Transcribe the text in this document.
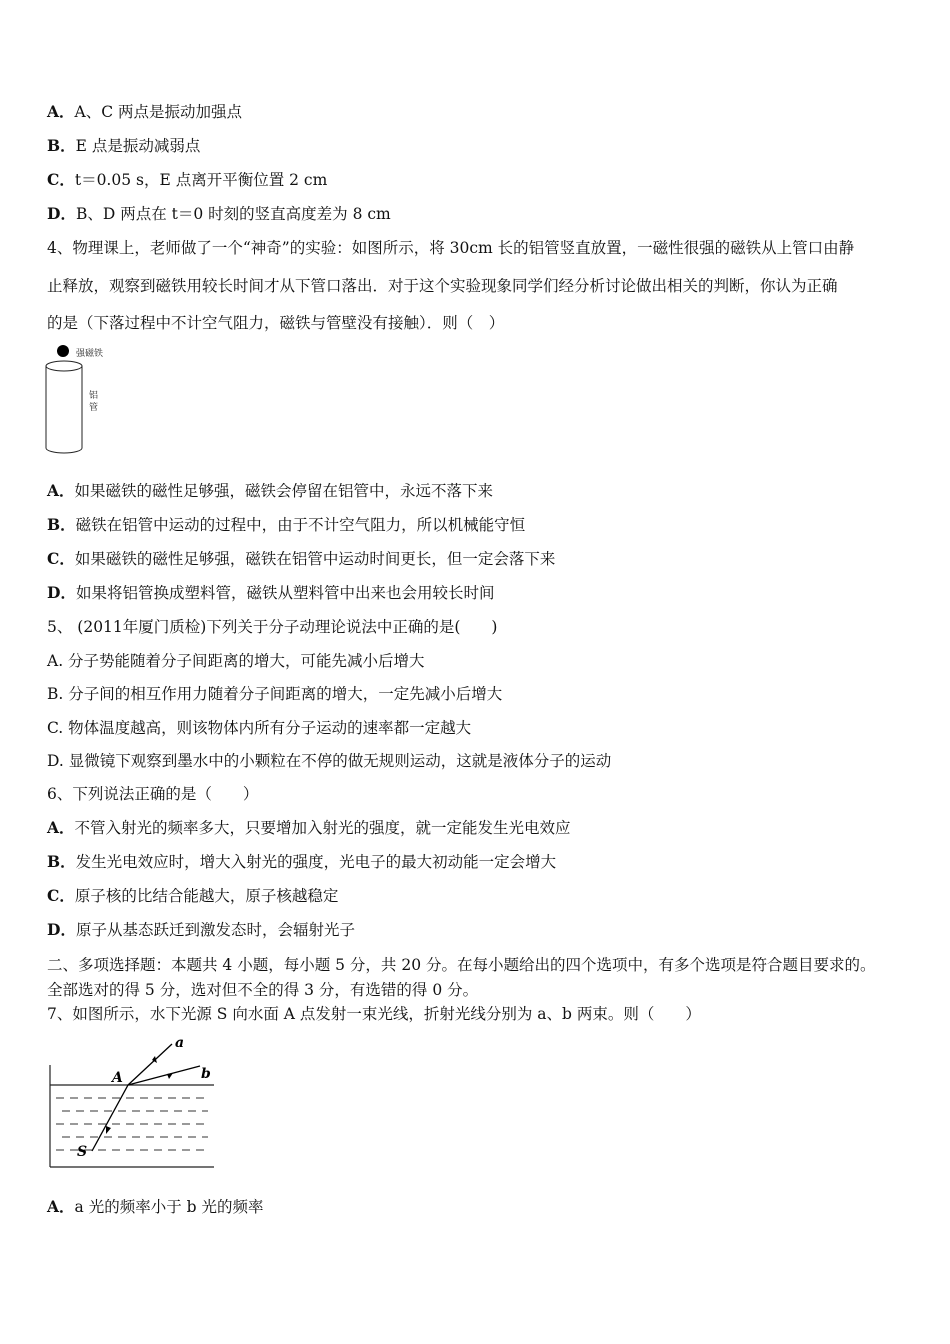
A．A、C 两点是振动加强点
B．E 点是振动减弱点
C．t＝0.05 s，E 点离开平衡位置 2 cm
D．B、D 两点在 t＝0 时刻的竖直高度差为 8 cm
4、物理课上，老师做了一个“神奇”的实验：如图所示，将 30cm 长的铝管竖直放置，一磁性很强的磁铁从上管口由静
止释放，观察到磁铁用较长时间才从下管口落出．对于这个实验现象同学们经分析讨论做出相关的判断，你认为正确
的是（下落过程中不计空气阻力，磁铁与管壁没有接触）．则（　）
强磁铁
铝
管
A．如果磁铁的磁性足够强，磁铁会停留在铝管中，永远不落下来
B．磁铁在铝管中运动的过程中，由于不计空气阻力，所以机械能守恒
C．如果磁铁的磁性足够强，磁铁在铝管中运动时间更长，但一定会落下来
D．如果将铝管换成塑料管，磁铁从塑料管中出来也会用较长时间
5、 (2011年厦门质检)下列关于分子动理论说法中正确的是(　　)
A. 分子势能随着分子间距离的增大，可能先减小后增大
B. 分子间的相互作用力随着分子间距离的增大，一定先减小后增大
C. 物体温度越高，则该物体内所有分子运动的速率都一定越大
D. 显微镜下观察到墨水中的小颗粒在不停的做无规则运动，这就是液体分子的运动
6、下列说法正确的是（　　）
A．不管入射光的频率多大，只要增加入射光的强度，就一定能发生光电效应
B．发生光电效应时，增大入射光的强度，光电子的最大初动能一定会增大
C．原子核的比结合能越大，原子核越稳定
D．原子从基态跃迁到激发态时，会辐射光子
二、多项选择题：本题共 4 小题，每小题 5 分，共 20 分。在每小题给出的四个选项中，有多个选项是符合题目要求的。
全部选对的得 5 分，选对但不全的得 3 分，有选错的得 0 分。
7、如图所示，水下光源 S 向水面 A 点发射一束光线，折射光线分别为 a、b 两束。则（　　）
a
b
A
S
A．a 光的频率小于 b 光的频率
